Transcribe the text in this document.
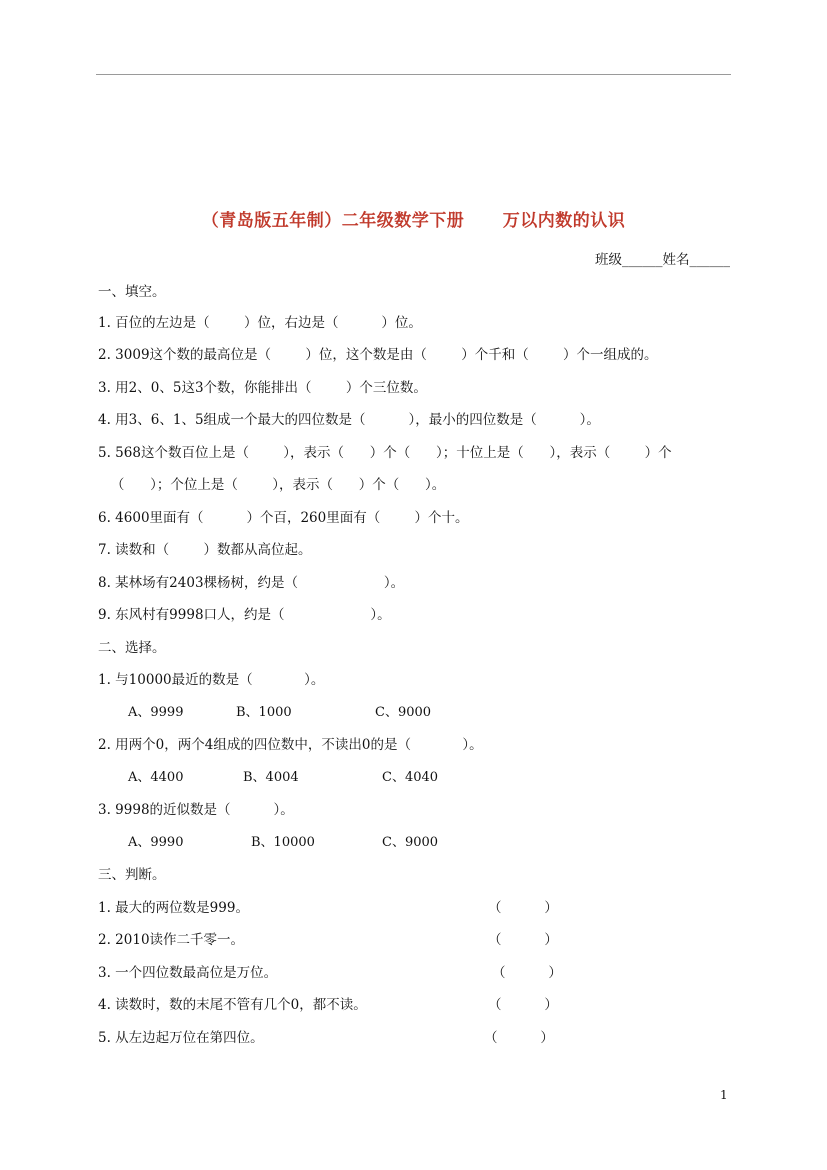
（青岛版五年制）二年级数学下册      万以内数的认识
班级______姓名______
一、填空。
1. 百位的左边是（        ）位，右边是（          ）位。
2. 3009这个数的最高位是（        ）位，这个数是由（        ）个千和（        ）个一组成的。
3. 用2、0、5这3个数，你能排出（        ）个三位数。
4. 用3、6、1、5组成一个最大的四位数是（          ），最小的四位数是（          ）。
5. 568这个数百位上是（        ），表示（      ）个（      ）；十位上是（      ），表示（        ）个
（      ）；个位上是（        ），表示（      ）个（      ）。
6. 4600里面有（          ）个百，260里面有（        ）个十。
7. 读数和（        ）数都从高位起。
8. 某林场有2403棵杨树，约是（                    ）。
9. 东风村有9998口人，约是（                    ）。
二、选择。
1. 与10000最近的数是（            ）。
A、9999	B、1000	C、9000
2. 用两个0，两个4组成的四位数中，不读出0的是（            ）。
A、4400	B、4004	C、4040
3. 9998的近似数是（          ）。
A、9990	B、10000	C、9000
三、判断。
1. 最大的两位数是999。	（          ）
2. 2010读作二千零一。	（          ）
3. 一个四位数最高位是万位。	（          ）
4. 读数时，数的末尾不管有几个0，都不读。	（          ）
5. 从左边起万位在第四位。	（          ）
1
